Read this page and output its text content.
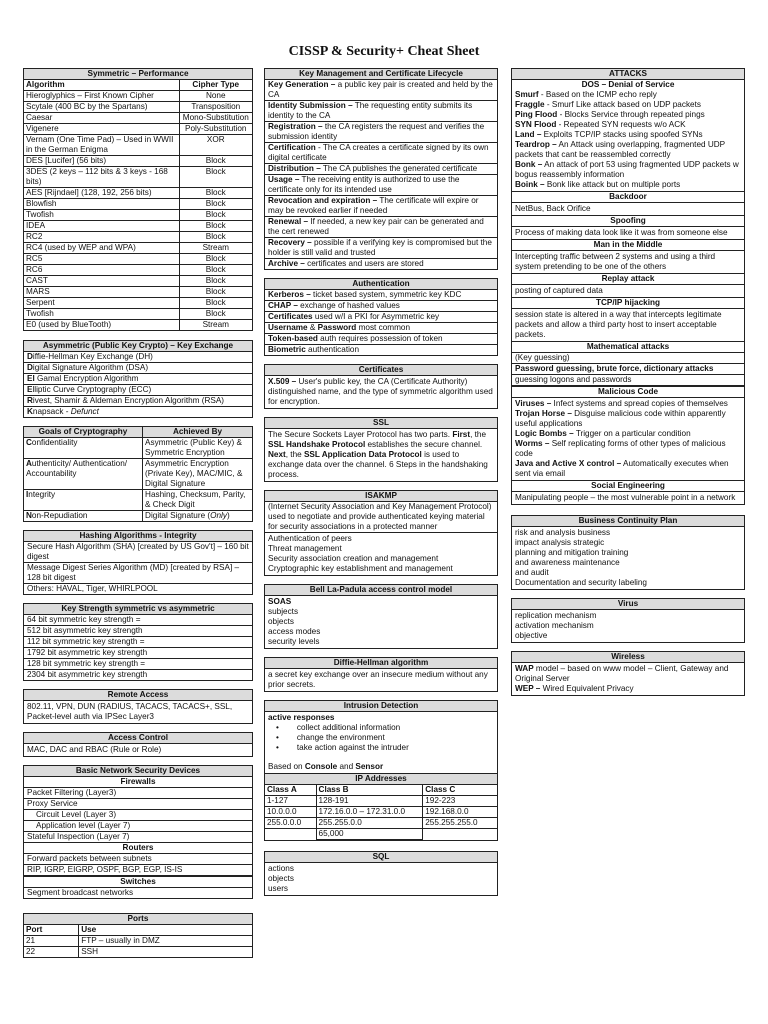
CISSP & Security+ Cheat Sheet
Symmetric – Performance
Algorithm	Cipher Type
Hieroglyphics – First Known Cipher	None
Scytale (400 BC by the Spartans)	Transposition
Caesar	Mono-Substitution
Vigenere	Poly-Substitution
Vernam (One Time Pad) – Used in WWII in the German Enigma	XOR
DES [Lucifer] (56 bits)	Block
3DES (2 keys – 112 bits & 3 keys - 168 bits)	Block
AES [Rijndael] (128, 192, 256 bits)	Block
Blowfish	Block
Twofish	Block
IDEA	Block
RC2	Block
RC4 (used by WEP and WPA)	Stream
RC5	Block
RC6	Block
CAST	Block
MARS	Block
Serpent	Block
Twofish	Block
E0 (used by BlueTooth)	Stream
Asymmetric (Public Key Crypto) – Key Exchange
Diffie-Hellman Key Exchange (DH)
Digital Signature Algorithm (DSA)
El Gamal Encryption Algorithm
Elliptic Curve Cryptography (ECC)
Rivest, Shamir & Aldeman Encryption Algorithm (RSA)
Knapsack - Defunct
Goals of Cryptography	Achieved By
Confidentiality	Asymmetric (Public Key) & Symmetric Encryption
Authenticity/ Authentication/ Accountability	Asymmetric Encryption (Private Key), MAC/MIC, & Digital Signature
Integrity	Hashing, Checksum, Parity, & Check Digit
Non-Repudiation	Digital Signature (Only)
Hashing Algorithms - Integrity
Secure Hash Algorithm (SHA) [created by US Gov't] – 160 bit digest
Message Digest Series Algorithm (MD) [created by RSA] – 128 bit digest
Others: HAVAL, Tiger, WHIRLPOOL
Key Strength symmetric vs asymmetric
64 bit symmetric key strength =
512 bit asymmetric key strength
112 bit symmetric key strength =
1792 bit asymmetric key strength
128 bit symmetric key strength =
2304 bit asymmetric key strength
Remote Access
802.11, VPN, DUN (RADIUS, TACACS, TACACS+, SSL, Packet-level auth via IPSec Layer3
Access Control
MAC, DAC and RBAC (Rule or Role)
Basic Network Security Devices
Firewalls
Packet Filtering (Layer3)
Proxy Service
Circuit Level (Layer 3)
Application level (Layer 7)
Stateful Inspection (Layer 7)
Routers
Forward packets between subnets
RIP, IGRP, EIGRP, OSPF, BGP, EGP, IS-IS
Switches
Segment broadcast networks
Ports
Port	Use
21	FTP – usually in DMZ
22	SSH
Key Management and Certificate Lifecycle
Key Generation – a public key pair is created and held by the CA
Identity Submission – The requesting entity submits its identity to the CA
Registration – the CA registers the request and verifies the submission identity
Certification - The CA creates a certificate signed by its own digital certificate
Distribution – The CA publishes the generated certificate
Usage – The receiving entity is authorized to use the certificate only for its intended use
Revocation and expiration – The certificate will expire or may be revoked earlier if needed
Renewal – If needed, a new key pair can be generated and the cert renewed
Recovery – possible if a verifying key is compromised but the holder is still valid and trusted
Archive – certificates and users are stored
Authentication
Kerberos – ticket based system, symmetric key KDC
CHAP – exchange of hashed values
Certificates used w/I a PKI for Asymmetric key
Username & Password most common
Token-based auth requires possession of token
Biometric authentication
Certificates
X.509 – User's public key, the CA (Certificate Authority) distinguished name, and the type of symmetric algorithm used for encryption.
SSL
The Secure Sockets Layer Protocol has two parts. First, the SSL Handshake Protocol establishes the secure channel. Next, the SSL Application Data Protocol is used to exchange data over the channel. 6 Steps in the handshaking process.
ISAKMP
(Internet Security Association and Key Management Protocol) used to negotiate and provide authenticated keying material for security associations in a protected manner
Authentication of peers
Threat management
Security association creation and management
Cryptographic key establishment and management
Bell La-Padula access control model
SOAS
subjects
objects
access modes
security levels
Diffie-Hellman algorithm
a secret key exchange over an insecure medium without any prior secrets.
Intrusion Detection
active responses
• collect additional information
• change the environment
• take action against the intruder
Based on Console and Sensor
IP Addresses
Class A	Class B	Class C
1-127	128-191	192-223
10.0.0.0	172.16.0.0 – 172.31.0.0	192.168.0.0
255.0.0.0	255.255.0.0	255.255.255.0
	65,000	
SQL
actions
objects
users
ATTACKS
DOS – Denial of Service
Smurf - Based on the ICMP echo reply
Fraggle - Smurf Like attack based on UDP packets
Ping Flood - Blocks Service through repeated pings
SYN Flood - Repeated SYN requests w/o ACK
Land – Exploits TCP/IP stacks using spoofed SYNs
Teardrop – An Attack using overlapping, fragmented UDP packets that cant be reassembled correctly
Bonk – An attack of port 53 using fragmented UDP packets w bogus reassembly information
Boink – Bonk like attack but on multiple ports
Backdoor
NetBus, Back Orifice
Spoofing
Process of making data look like it was from someone else
Man in the Middle
Intercepting traffic between 2 systems and using a third system pretending to be one of the others
Replay attack
posting of captured data
TCP/IP hijacking
session state is altered in a way that intercepts legitimate packets and allow a third party host to insert acceptable packets.
Mathematical attacks
(Key guessing)
Password guessing, brute force, dictionary attacks
guessing logons and passwords
Malicious Code
Viruses – Infect systems and spread copies of themselves
Trojan Horse – Disguise malicious code within apparently useful applications
Logic Bombs – Trigger on a particular condition
Worms – Self replicating forms of other types of malicious code
Java and Active X control – Automatically executes when sent via email
Social Engineering
Manipulating people – the most vulnerable point in a network
Business Continuity Plan
risk and analysis business
impact analysis strategic
planning and mitigation training
and awareness maintenance
and audit
Documentation and security labeling
Virus
replication mechanism
activation mechanism
objective
Wireless
WAP model – based on www model – Client, Gateway and Original Server
WEP – Wired Equivalent Privacy
